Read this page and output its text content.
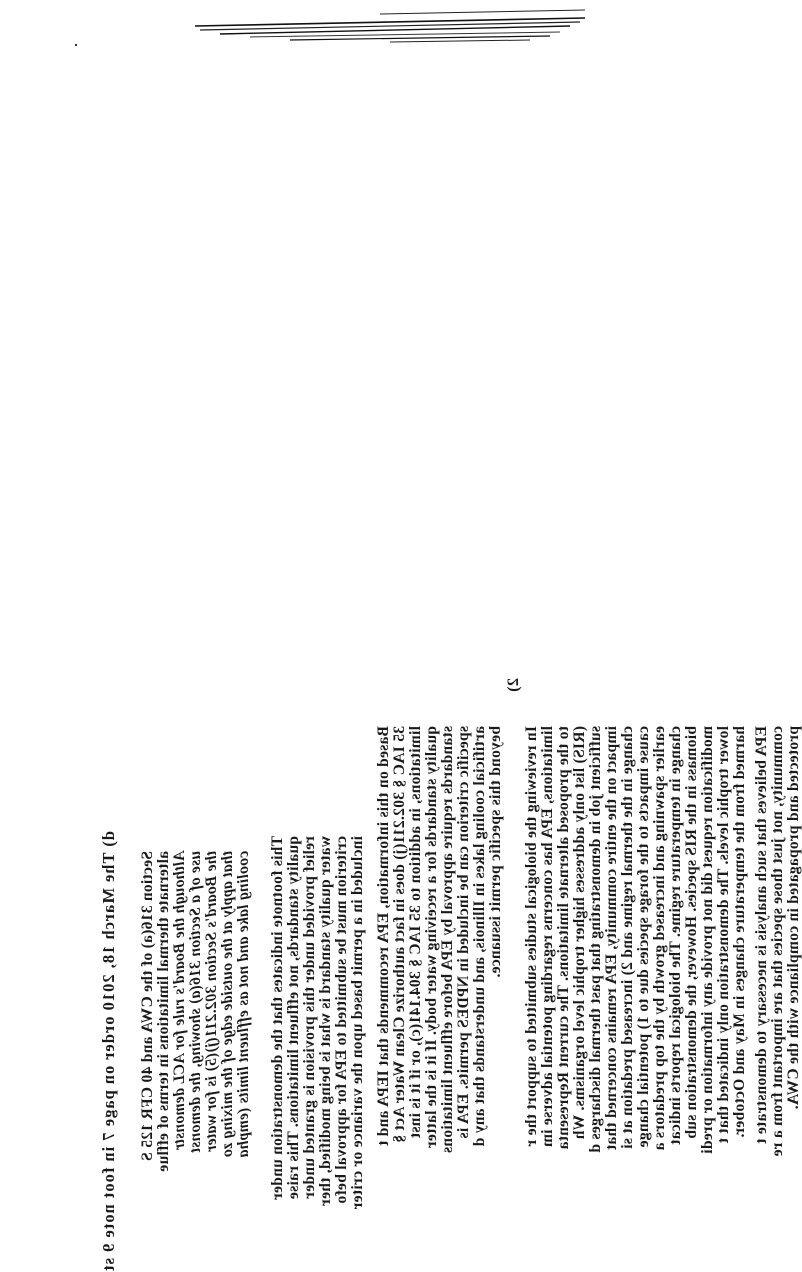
d) The March 18, 2010 order on page 7 in foot note 9 st Section 316(a) of the CWA and 40 CFR 125 S alternate thermal limitations in terms of efflue Although the Board's rule for ACL demonstr use of a Section 316(a) showing, the demonst the Board's Section 302.211(j)(5) is for water that apply at the outside edge of the mixing zo cooling lake and not as effluent limits (empha This footnote indicates that the demonstration under quality standards, not effluent limitations. This raise relief provided under this provision is granted under water quality standard is what is being modified, ther criterion must be submitted to EPA for approval befo included in a permit based upon the variance or criter Based on this information, EPA recommends that IEPA and t 35 IAC § 302.211(j) does in fact authorize Clean Water Act § limitations, in addition to 35 IAC § 304.141(c), or if it is inst quality standards for a receiving water body. If it is the latter standards require approval by EPA before effluent limitations specific criterion can be included in NPDES permits. EPA is artificial cooling lakes in Illinois, and understands that any d beyond this specific permit issuance.
2)
In reviewing the biological studies submitted to support the r limitations, EPA has concerns regarding potential adverse im to the proposed alternate limitations. The current Representa (RIS) list only addresses higher trophic level organisms. Wh sufficient job in demonstrating that past thermal discharges d impact on the entire community, EPA remains concerned that change in the thermal regime and 2) increased predation at si cause impacts to the forage species due to 1) potential change earlier spawning and increased growth by the top predators a change in temperature regime. The biological reports indicat biomass in the RIS species. However, the demonstration sub modification request did not provide any information or predi lower trophic levels. The demonstration only indicated that t harmed from the temperature changes in May and October. EPA believes that such analysis is necessary to demonstrate t community, not just those species that are important from a re protected and propagated in compliance with the CWA.
